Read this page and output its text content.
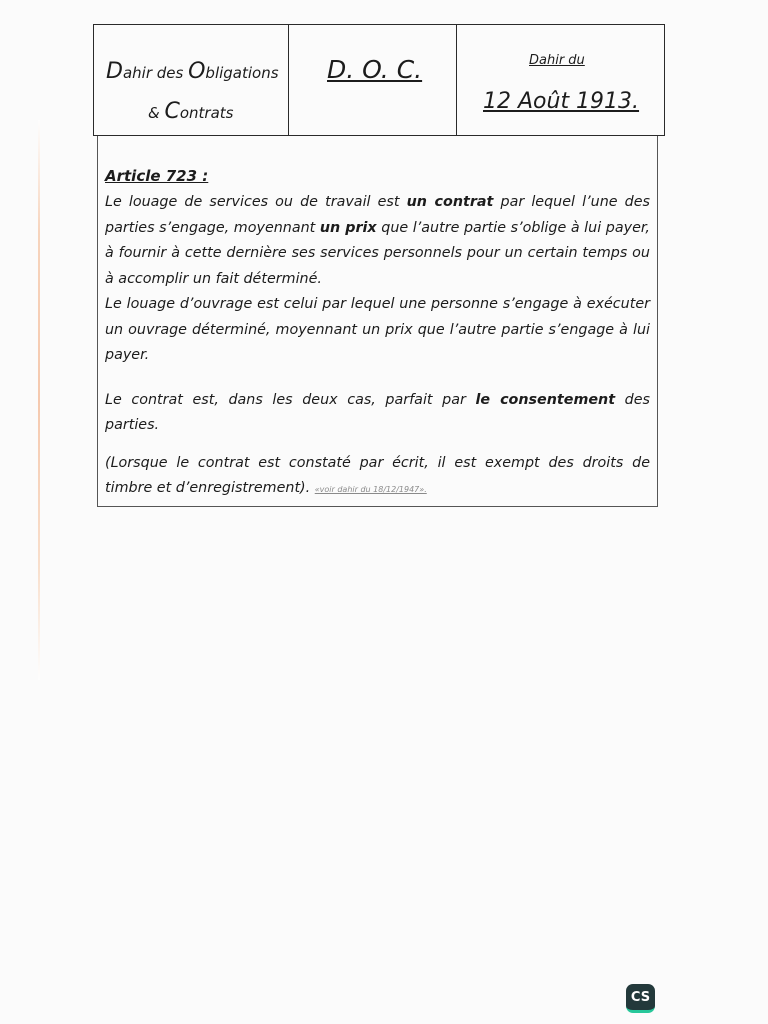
Dahir des Obligations
& Contrats
D. O. C.	Dahir du
12 Août 1913.
Article 723 :

Le louage de services ou de travail est un contrat par lequel l’une des parties s’engage, moyennant un prix que l’autre partie s’oblige à lui payer, à fournir à cette dernière ses services personnels pour un certain temps ou à accomplir un fait déterminé.

Le louage d’ouvrage est celui par lequel une personne s’engage à exécuter un ouvrage déterminé, moyennant un prix que l’autre partie s’engage à lui payer.

Le contrat est, dans les deux cas, parfait par le consentement des parties.

(Lorsque le contrat est constaté par écrit, il est exempt des droits de timbre et d’enregistrement). «voir dahir du 18/12/1947».

CS
